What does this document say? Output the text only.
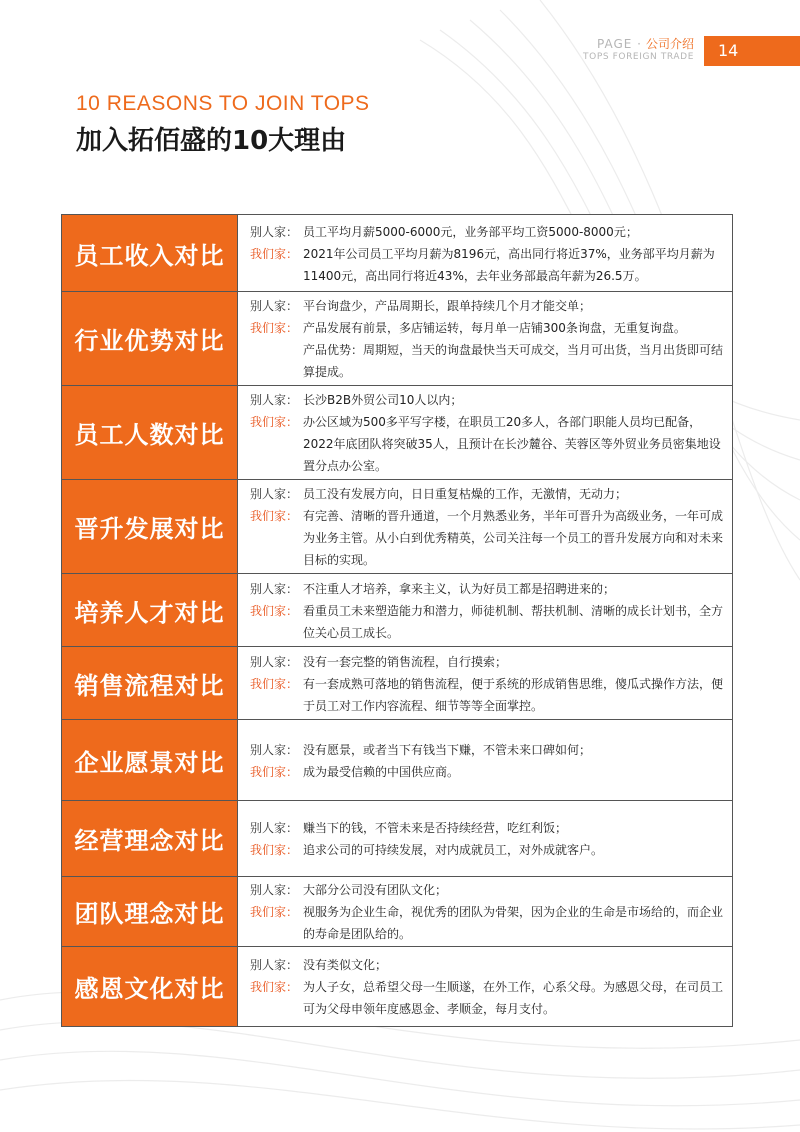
PAGE · 公司介绍
TOPS FOREIGN TRADE	14
10 REASONS TO JOIN TOPS
加入拓佰盛的10大理由
员工收入对比
别人家： 员工平均月薪5000-6000元，业务部平均工资5000-8000元；
我们家： 2021年公司员工平均月薪为8196元，高出同行将近37%，业务部平均月薪为11400元，高出同行将近43%，去年业务部最高年薪为26.5万。
行业优势对比
别人家： 平台询盘少，产品周期长，跟单持续几个月才能交单；
我们家： 产品发展有前景，多店铺运转，每月单一店铺300条询盘，无重复询盘。
产品优势：周期短，当天的询盘最快当天可成交，当月可出货，当月出货即可结算提成。
员工人数对比
别人家： 长沙B2B外贸公司10人以内；
我们家： 办公区域为500多平写字楼，在职员工20多人，各部门职能人员均已配备，2022年底团队将突破35人，且预计在长沙麓谷、芙蓉区等外贸业务员密集地设置分点办公室。
晋升发展对比
别人家： 员工没有发展方向，日日重复枯燥的工作，无激情，无动力；
我们家： 有完善、清晰的晋升通道，一个月熟悉业务，半年可晋升为高级业务，一年可成为业务主管。从小白到优秀精英，公司关注每一个员工的晋升发展方向和对未来目标的实现。
培养人才对比
别人家： 不注重人才培养，拿来主义，认为好员工都是招聘进来的；
我们家： 看重员工未来塑造能力和潜力，师徒机制、帮扶机制、清晰的成长计划书，全方位关心员工成长。
销售流程对比
别人家： 没有一套完整的销售流程，自行摸索；
我们家： 有一套成熟可落地的销售流程，便于系统的形成销售思维，傻瓜式操作方法，便于员工对工作内容流程、细节等等全面掌控。
企业愿景对比	别人家： 没有愿景，或者当下有钱当下赚，不管未来口碑如何；
我们家： 成为最受信赖的中国供应商。
经营理念对比	别人家： 赚当下的钱，不管未来是否持续经营，吃红利饭；
我们家： 追求公司的可持续发展，对内成就员工，对外成就客户。
团队理念对比
别人家： 大部分公司没有团队文化；
我们家： 视服务为企业生命，视优秀的团队为骨架，因为企业的生命是市场给的，而企业的寿命是团队给的。
感恩文化对比
别人家： 没有类似文化；
我们家： 为人子女，总希望父母一生顺遂，在外工作，心系父母。为感恩父母，在司员工可为父母申领年度感恩金、孝顺金，每月支付。
